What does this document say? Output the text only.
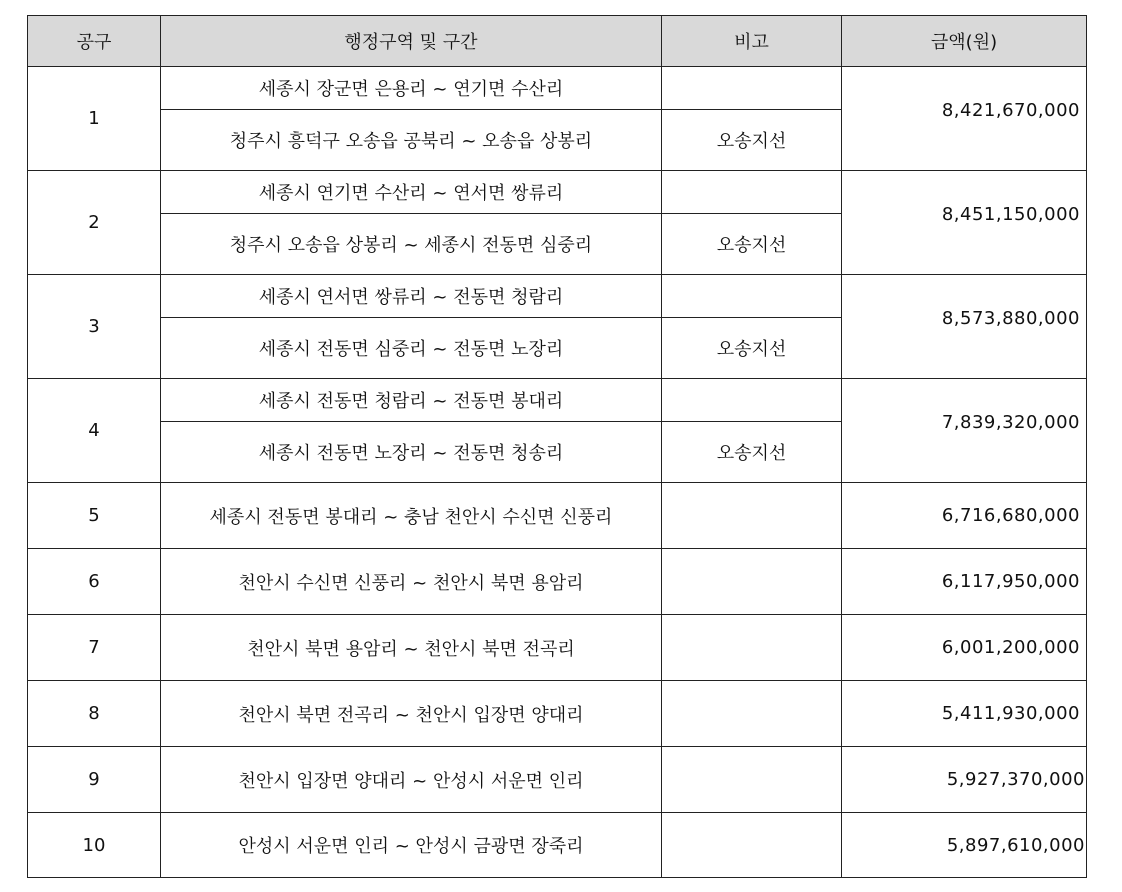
공구	행정구역 및 구간	비고	금액(원)
1	세종시 장군면 은용리 ~ 연기면 수산리		8,421,670,000
	청주시 흥덕구 오송읍 공북리 ~ 오송읍 상봉리	오송지선	
2	세종시 연기면 수산리 ~ 연서면 쌍류리		8,451,150,000
	청주시 오송읍 상봉리 ~ 세종시 전동면 심중리	오송지선	
3	세종시 연서면 쌍류리 ~ 전동면 청람리		8,573,880,000
	세종시 전동면 심중리 ~ 전동면 노장리	오송지선	
4	세종시 전동면 청람리 ~ 전동면 봉대리		7,839,320,000
	세종시 전동면 노장리 ~ 전동면 청송리	오송지선	
5	세종시 전동면 봉대리 ~ 충남 천안시 수신면 신풍리		6,716,680,000
6	천안시 수신면 신풍리 ~ 천안시 북면 용암리		6,117,950,000
7	천안시 북면 용암리 ~ 천안시 북면 전곡리		6,001,200,000
8	천안시 북면 전곡리 ~ 천안시 입장면 양대리		5,411,930,000
9	천안시 입장면 양대리 ~ 안성시 서운면 인리		5,927,370,000
10	안성시 서운면 인리 ~ 안성시 금광면 장죽리		5,897,610,000
